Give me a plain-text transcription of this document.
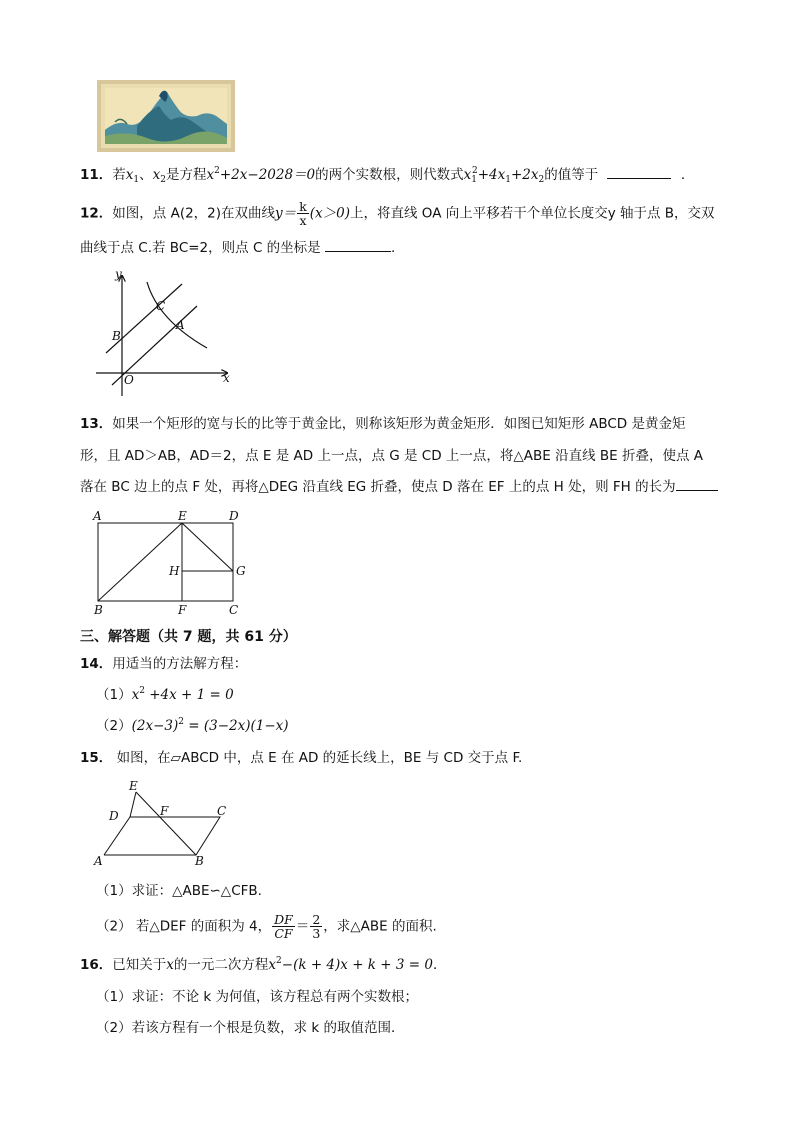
11．若$x_1$、$x_2$是方程$x^2+2x-2028=0$的两个实数根，则代数式$x_1^2+4x_1+2x_2$的值等于	．
12．如图，点 A(2，2)在双曲线$y= \frac{k}{x} (x>0)$上，将直线 OA 向上平移若干个单位长度交y 轴于点 B，交双
曲线于点 C.若 BC=2，则点 C 的坐标是	.
y
x
O
B
C
A
13．如果一个矩形的宽与长的比等于黄金比，则称该矩形为黄金矩形．如图已知矩形 ABCD 是黄金矩
形，且 AD＞AB，AD＝2，点 E 是 AD 上一点，点 G 是 CD 上一点，将△ABE 沿直线 BE 折叠，使点 A
落在 BC 边上的点 F 处，再将△DEG 沿直线 EG 折叠，使点 D 落在 EF 上的点 H 处，则 FH 的长为
A	E	D
H	G
B	F	C
三、解答题（共 7 题，共 61 分）
14．用适当的方法解方程：
$(1)x^2 +4x + 1 = 0$
$(2)(2x-3)^2 = (3-2x)(1-x)$
15． 如图，在▱ABCD 中，点 E 在 AD 的延长线上，BE 与 CD 交于点 F.
E
D	F	C
A	B
（1）求证：△ABE∽△CFB.
（2） 若△DEF 的面积为 4， $\frac{DF}{CF} = \frac{2}{3}$ ，求△ABE 的面积.
16．已知关于x的一元二次方程$x^2-(k + 4)x + k + 3 = 0$．
（1）求证：不论 k 为何值，该方程总有两个实数根；
（2）若该方程有一个根是负数，求 k 的取值范围．
